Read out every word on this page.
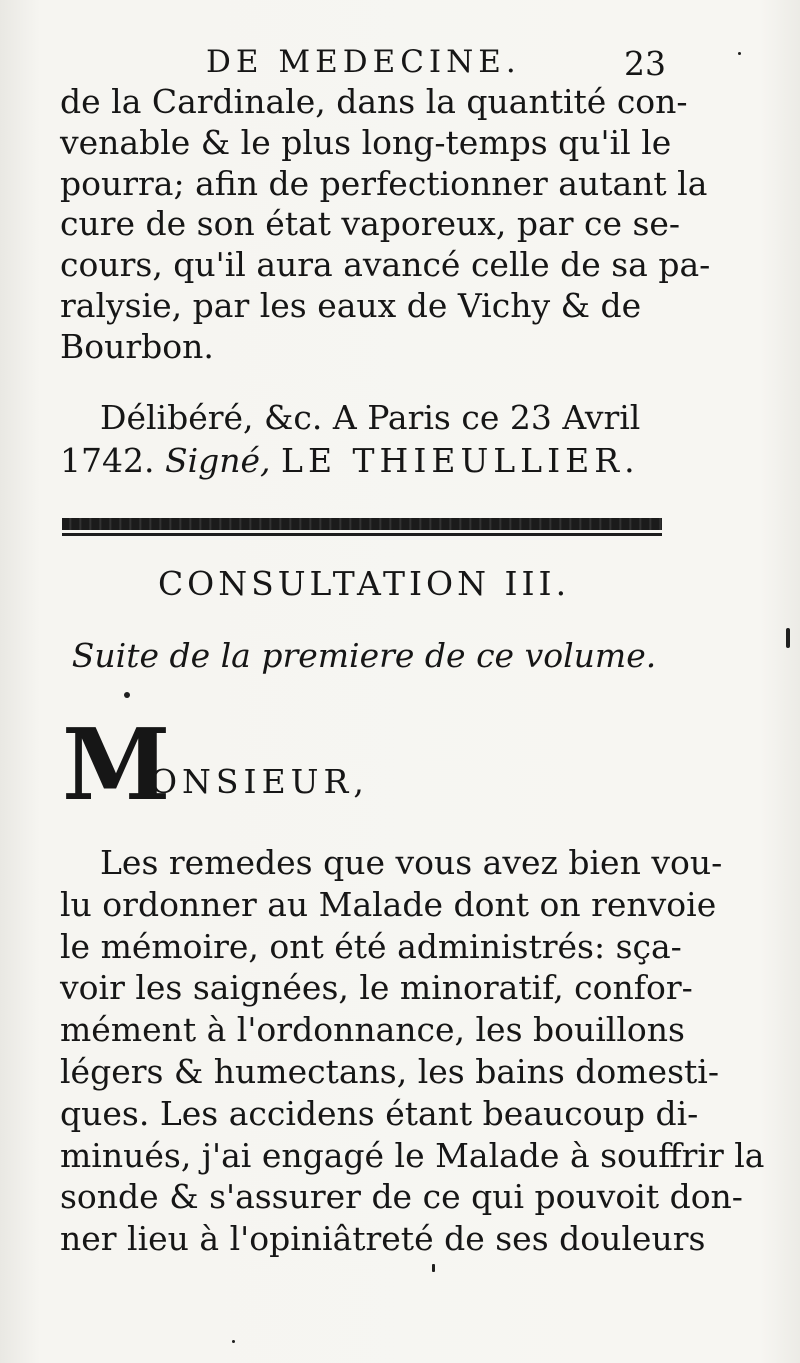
DE MEDECINE.	23
de la Cardinale, dans la quantité con-
venable & le plus long-temps qu'il le
pourra; afin de perfectionner autant la
cure de son état vaporeux, par ce se-
cours, qu'il aura avancé celle de sa pa-
ralysie, par les eaux de Vichy & de
Bourbon.
Délibéré, &c. A Paris ce 23 Avril
1742. Signé, LE THIEULLIER.
CONSULTATION III.
Suite de la premiere de ce volume.
M
ONSIEUR,
Les remedes que vous avez bien vou-
lu ordonner au Malade dont on renvoie
le mémoire, ont été administrés: sça-
voir les saignées, le minoratif, confor-
mément à l'ordonnance, les bouillons
légers & humectans, les bains domesti-
ques. Les accidens étant beaucoup di-
minués, j'ai engagé le Malade à souffrir la
sonde & s'assurer de ce qui pouvoit don-
ner lieu à l'opiniâtreté de ses douleurs
